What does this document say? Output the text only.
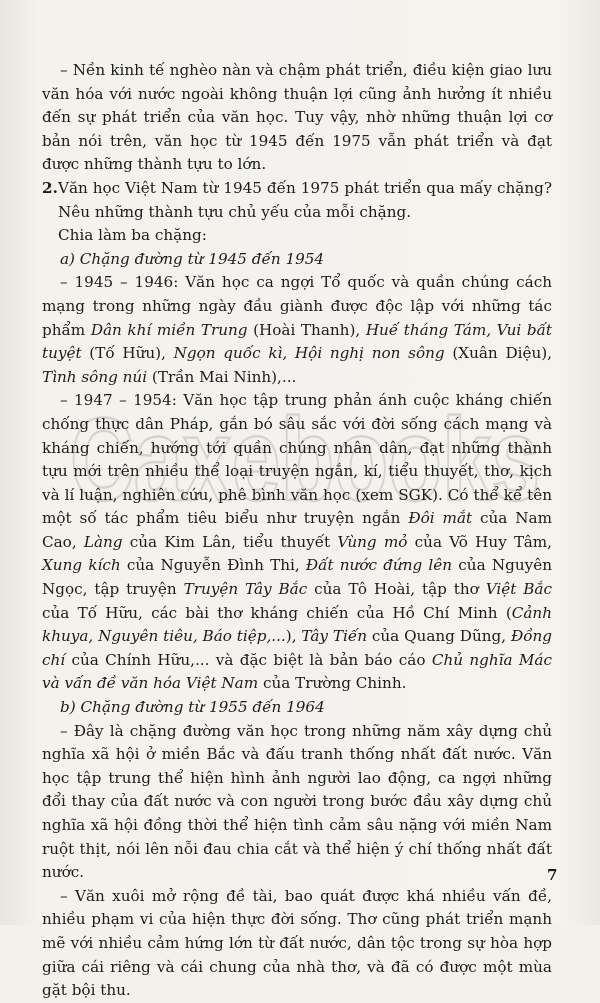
Caxebooks

– Nền kinh tế nghèo nàn và chậm phát triển, điều kiện giao lưu văn hóa với nước ngoài không thuận lợi cũng ảnh hưởng ít nhiều đến sự phát triển của văn học. Tuy vậy, nhờ những thuận lợi cơ bản nói trên, văn học từ 1945 đến 1975 vẫn phát triển và đạt được những thành tựu to lớn.

2. Văn học Việt Nam từ 1945 đến 1975 phát triển qua mấy chặng? Nêu những thành tựu chủ yếu của mỗi chặng.

Chia làm ba chặng:

a) Chặng đường từ 1945 đến 1954

– 1945 – 1946: Văn học ca ngợi Tổ quốc và quần chúng cách mạng trong những ngày đầu giành được độc lập với những tác phẩm Dân khí miền Trung (Hoài Thanh), Huế tháng Tám, Vui bất tuyệt (Tố Hữu), Ngọn quốc kì, Hội nghị non sông (Xuân Diệu), Tình sông núi (Trần Mai Ninh),...

– 1947 – 1954: Văn học tập trung phản ánh cuộc kháng chiến chống thực dân Pháp, gắn bó sâu sắc với đời sống cách mạng và kháng chiến, hướng tới quần chúng nhân dân, đạt những thành tựu mới trên nhiều thể loại truyện ngắn, kí, tiểu thuyết, thơ, kịch và lí luận, nghiên cứu, phê bình văn học (xem SGK). Có thể kể tên một số tác phẩm tiêu biểu như truyện ngắn Đôi mắt của Nam Cao, Làng của Kim Lân, tiểu thuyết Vùng mỏ của Võ Huy Tâm, Xung kích của Nguyễn Đình Thi, Đất nước đứng lên của Nguyên Ngọc, tập truyện Truyện Tây Bắc của Tô Hoài, tập thơ Việt Bắc của Tố Hữu, các bài thơ kháng chiến của Hồ Chí Minh (Cảnh khuya, Nguyên tiêu, Báo tiệp,...), Tây Tiến của Quang Dũng, Đồng chí của Chính Hữu,... và đặc biệt là bản báo cáo Chủ nghĩa Mác và vấn đề văn hóa Việt Nam của Trường Chinh.

b) Chặng đường từ 1955 đến 1964

– Đây là chặng đường văn học trong những năm xây dựng chủ nghĩa xã hội ở miền Bắc và đấu tranh thống nhất đất nước. Văn học tập trung thể hiện hình ảnh người lao động, ca ngợi những đổi thay của đất nước và con người trong bước đầu xây dựng chủ nghĩa xã hội đồng thời thể hiện tình cảm sâu nặng với miền Nam ruột thịt, nói lên nỗi đau chia cắt và thể hiện ý chí thống nhất đất nước.

– Văn xuôi mở rộng đề tài, bao quát được khá nhiều vấn đề, nhiều phạm vi của hiện thực đời sống. Thơ cũng phát triển mạnh mẽ với nhiều cảm hứng lớn từ đất nước, dân tộc trong sự hòa hợp giữa cái riêng và cái chung của nhà thơ, và đã có được một mùa gặt bội thu.

7
